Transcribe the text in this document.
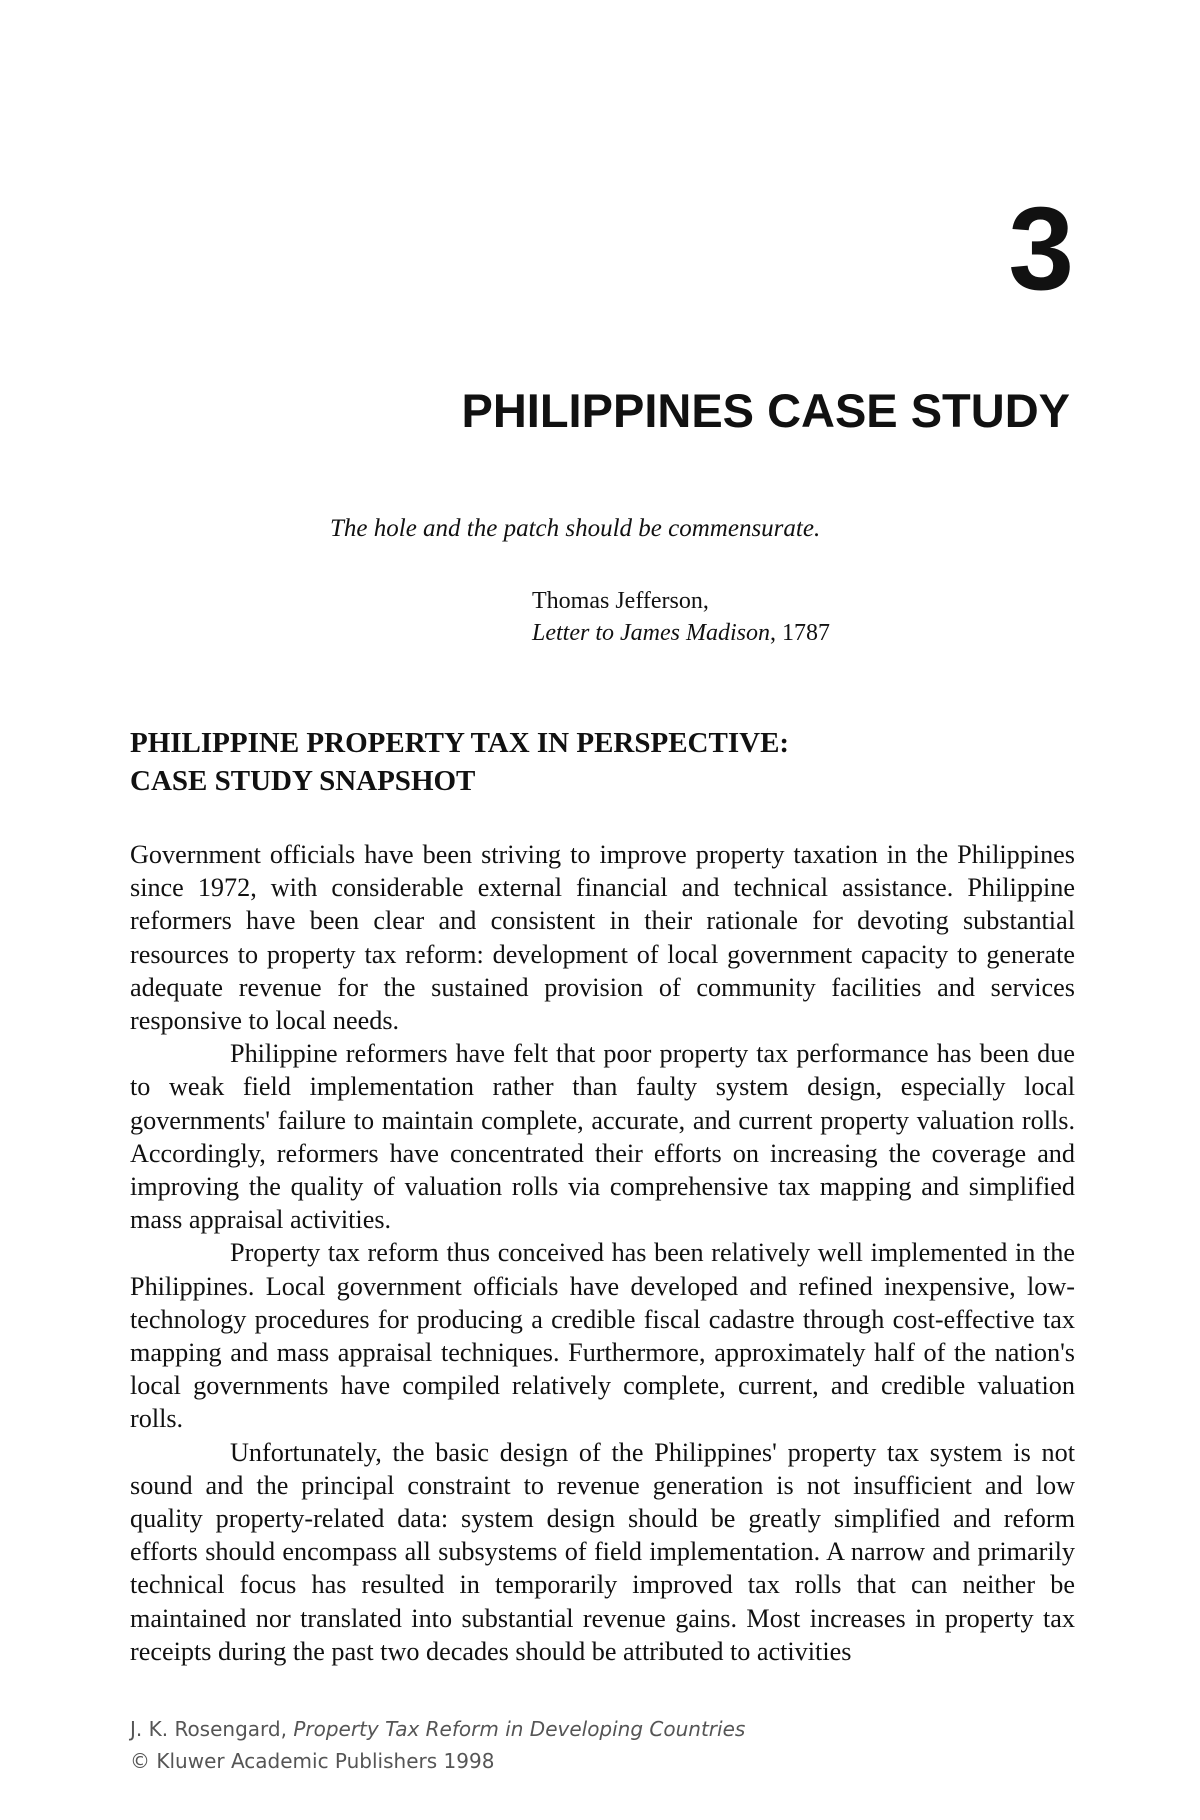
3
PHILIPPINES CASE STUDY
The hole and the patch should be commensurate.
Thomas Jefferson,
Letter to James Madison, 1787
PHILIPPINE PROPERTY TAX IN PERSPECTIVE:
CASE STUDY SNAPSHOT

Government officials have been striving to improve property taxation in the Philippines since 1972, with considerable external financial and technical assistance. Philippine reformers have been clear and consistent in their rationale for devoting substantial resources to property tax reform: development of local government capacity to generate adequate revenue for the sustained provision of community facilities and services responsive to local needs.

Philippine reformers have felt that poor property tax performance has been due to weak field implementation rather than faulty system design, especially local governments' failure to maintain complete, accurate, and current property valuation rolls. Accordingly, reformers have concentrated their efforts on increasing the coverage and improving the quality of valuation rolls via comprehensive tax mapping and simplified mass appraisal activities.

Property tax reform thus conceived has been relatively well implemented in the Philippines. Local government officials have developed and refined inexpensive, low-technology procedures for producing a credible fiscal cadastre through cost-effective tax mapping and mass appraisal techniques. Furthermore, approximately half of the nation's local governments have compiled relatively complete, current, and credible valuation rolls.

Unfortunately, the basic design of the Philippines' property tax system is not sound and the principal constraint to revenue generation is not insufficient and low quality property-related data: system design should be greatly simplified and reform efforts should encompass all subsystems of field implementation. A narrow and primarily technical focus has resulted in temporarily improved tax rolls that can neither be maintained nor translated into substantial revenue gains. Most increases in property tax receipts during the past two decades should be attributed to activities

J. K. Rosengard, Property Tax Reform in Developing Countries
© Kluwer Academic Publishers 1998
